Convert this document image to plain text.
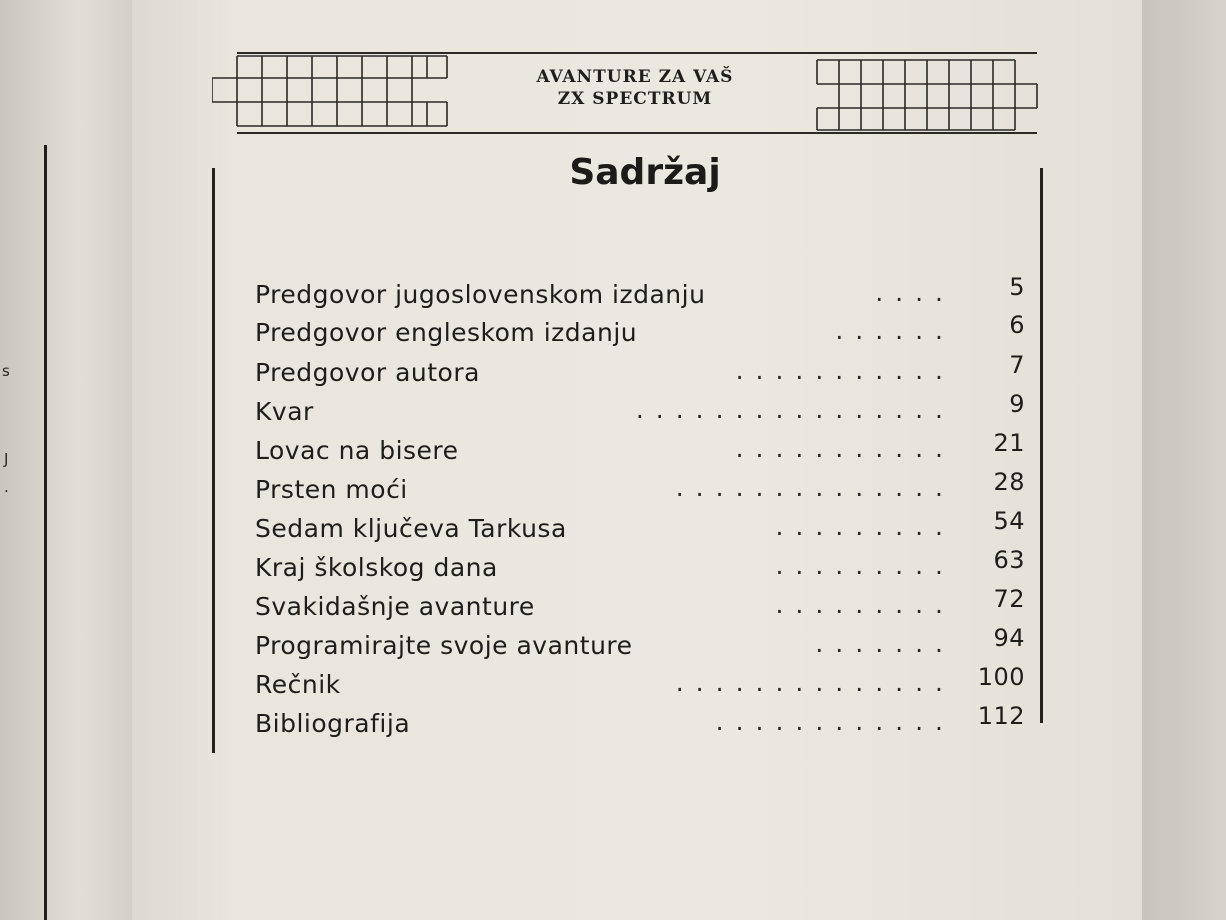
s
J
.
AVANTURE ZA VAŠ
ZX SPECTRUM
Sadržaj
Predgovor jugoslovenskom izdanju	.... 5
Predgovor engleskom izdanju	...... 6
Predgovor autora	........... 7
Kvar	................ 9
Lovac na bisere	........... 21
Prsten moći	.............. 28
Sedam ključeva Tarkusa	......... 54
Kraj školskog dana	......... 63
Svakidašnje avanture	......... 72
Programirajte svoje avanture	....... 94
Rečnik	.............. 100
Bibliografija	............ 112
